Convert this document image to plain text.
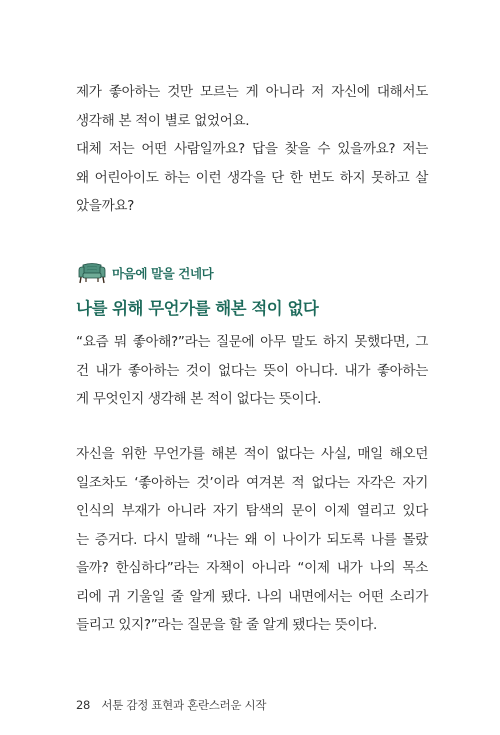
제가 좋아하는 것만 모르는 게 아니라 저 자신에 대해서도
생각해 본 적이 별로 없었어요.
대체 저는 어떤 사람일까요? 답을 찾을 수 있을까요? 저는
왜 어린아이도 하는 이런 생각을 단 한 번도 하지 못하고 살
았을까요?

마음에 말을 건네다
나를 위해 무언가를 해본 적이 없다

“요즘 뭐 좋아해?”라는 질문에 아무 말도 하지 못했다면, 그
건 내가 좋아하는 것이 없다는 뜻이 아니다. 내가 좋아하는
게 무엇인지 생각해 본 적이 없다는 뜻이다.

자신을 위한 무언가를 해본 적이 없다는 사실, 매일 해오던
일조차도 ‘좋아하는 것’이라 여겨본 적 없다는 자각은 자기
인식의 부재가 아니라 자기 탐색의 문이 이제 열리고 있다
는 증거다. 다시 말해 “나는 왜 이 나이가 되도록 나를 몰랐
을까? 한심하다”라는 자책이 아니라 “이제 내가 나의 목소
리에 귀 기울일 줄 알게 됐다. 나의 내면에서는 어떤 소리가
들리고 있지?”라는 질문을 할 줄 알게 됐다는 뜻이다.

28 서툰 감정 표현과 혼란스러운 시작
